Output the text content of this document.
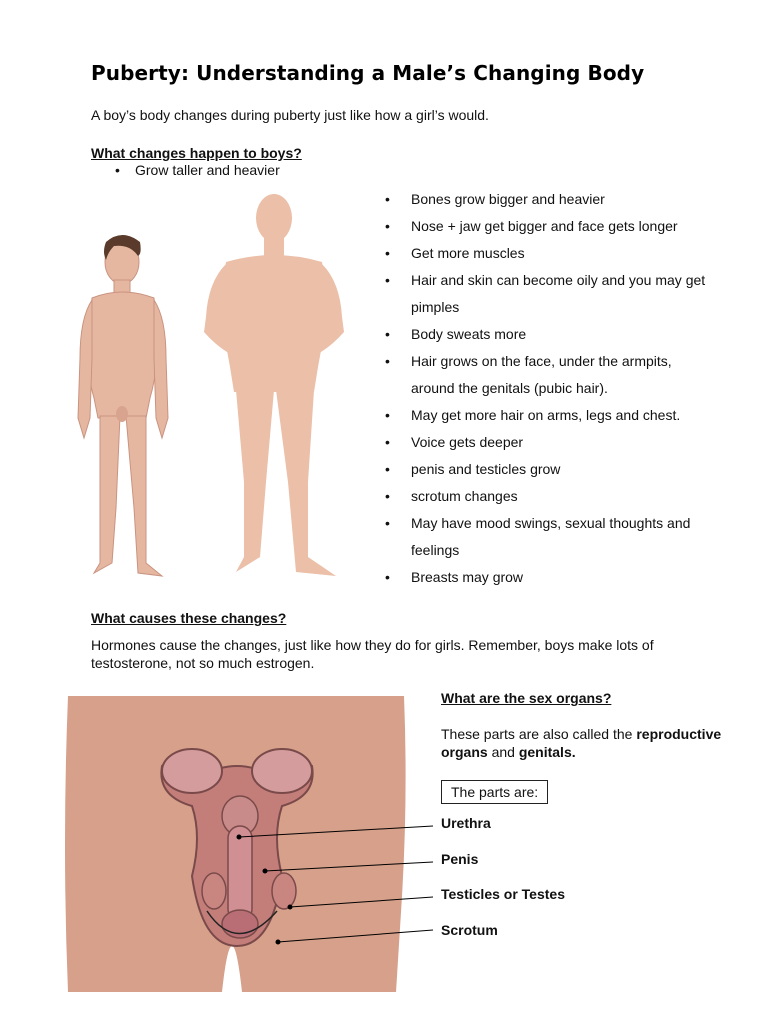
Puberty: Understanding a Male’s Changing Body
A boy’s body changes during puberty just like how a girl’s would.
What changes happen to boys?
• Grow taller and heavier
• Bones grow bigger and heavier
• Nose + jaw get bigger and face gets longer
• Get more muscles
• Hair and skin can become oily and you may get pimples
• Body sweats more
• Hair grows on the face, under the armpits, around the genitals (pubic hair).
• May get more hair on arms, legs and chest.
• Voice gets deeper
• penis and testicles grow
• scrotum changes
• May have mood swings, sexual thoughts and feelings
• Breasts may grow
What causes these changes?
Hormones cause the changes, just like how they do for girls. Remember, boys make lots of testosterone, not so much estrogen.
What are the sex organs?
These parts are also called the reproductive organs and genitals.
The parts are:
Urethra
Penis
Testicles or Testes
Scrotum
